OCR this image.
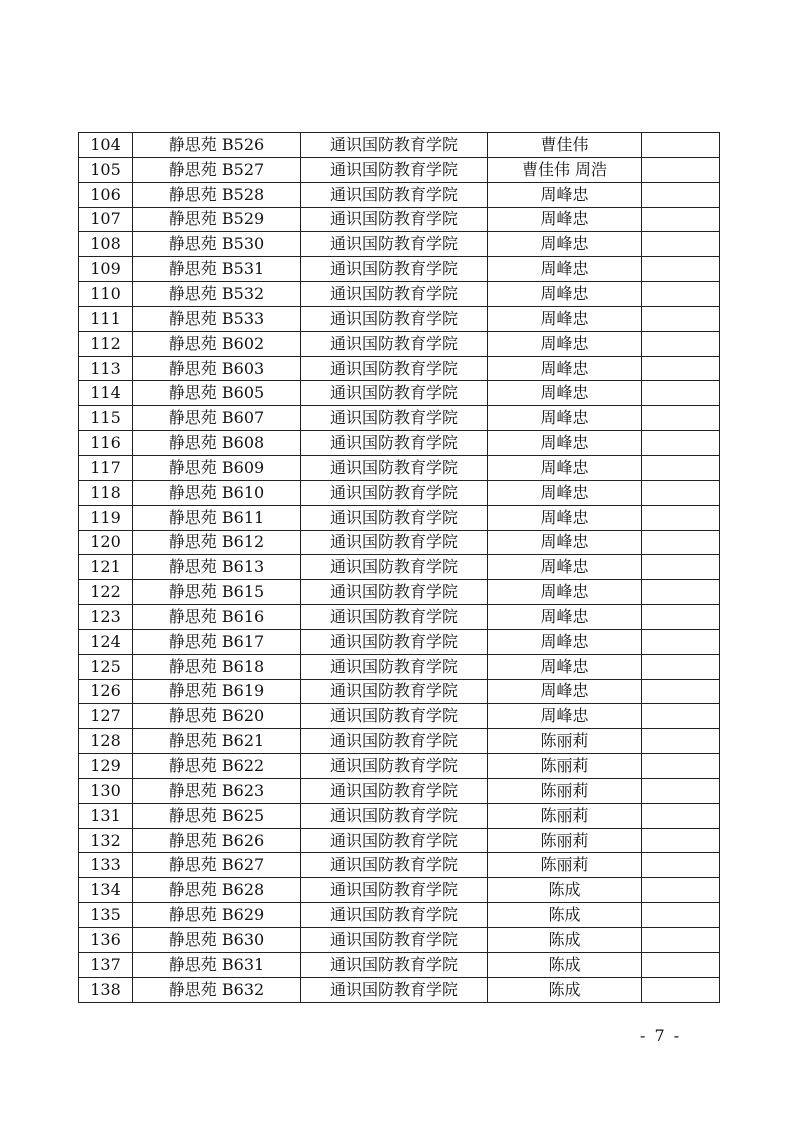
104	静思苑 B526	通识国防教育学院	曹佳伟	
105	静思苑 B527	通识国防教育学院	曹佳伟 周浩	
106	静思苑 B528	通识国防教育学院	周峰忠	
107	静思苑 B529	通识国防教育学院	周峰忠	
108	静思苑 B530	通识国防教育学院	周峰忠	
109	静思苑 B531	通识国防教育学院	周峰忠	
110	静思苑 B532	通识国防教育学院	周峰忠	
111	静思苑 B533	通识国防教育学院	周峰忠	
112	静思苑 B602	通识国防教育学院	周峰忠	
113	静思苑 B603	通识国防教育学院	周峰忠	
114	静思苑 B605	通识国防教育学院	周峰忠	
115	静思苑 B607	通识国防教育学院	周峰忠	
116	静思苑 B608	通识国防教育学院	周峰忠	
117	静思苑 B609	通识国防教育学院	周峰忠	
118	静思苑 B610	通识国防教育学院	周峰忠	
119	静思苑 B611	通识国防教育学院	周峰忠	
120	静思苑 B612	通识国防教育学院	周峰忠	
121	静思苑 B613	通识国防教育学院	周峰忠	
122	静思苑 B615	通识国防教育学院	周峰忠	
123	静思苑 B616	通识国防教育学院	周峰忠	
124	静思苑 B617	通识国防教育学院	周峰忠	
125	静思苑 B618	通识国防教育学院	周峰忠	
126	静思苑 B619	通识国防教育学院	周峰忠	
127	静思苑 B620	通识国防教育学院	周峰忠	
128	静思苑 B621	通识国防教育学院	陈丽莉	
129	静思苑 B622	通识国防教育学院	陈丽莉	
130	静思苑 B623	通识国防教育学院	陈丽莉	
131	静思苑 B625	通识国防教育学院	陈丽莉	
132	静思苑 B626	通识国防教育学院	陈丽莉	
133	静思苑 B627	通识国防教育学院	陈丽莉	
134	静思苑 B628	通识国防教育学院	陈成	
135	静思苑 B629	通识国防教育学院	陈成	
136	静思苑 B630	通识国防教育学院	陈成	
137	静思苑 B631	通识国防教育学院	陈成	
138	静思苑 B632	通识国防教育学院	陈成	
- 7 -
